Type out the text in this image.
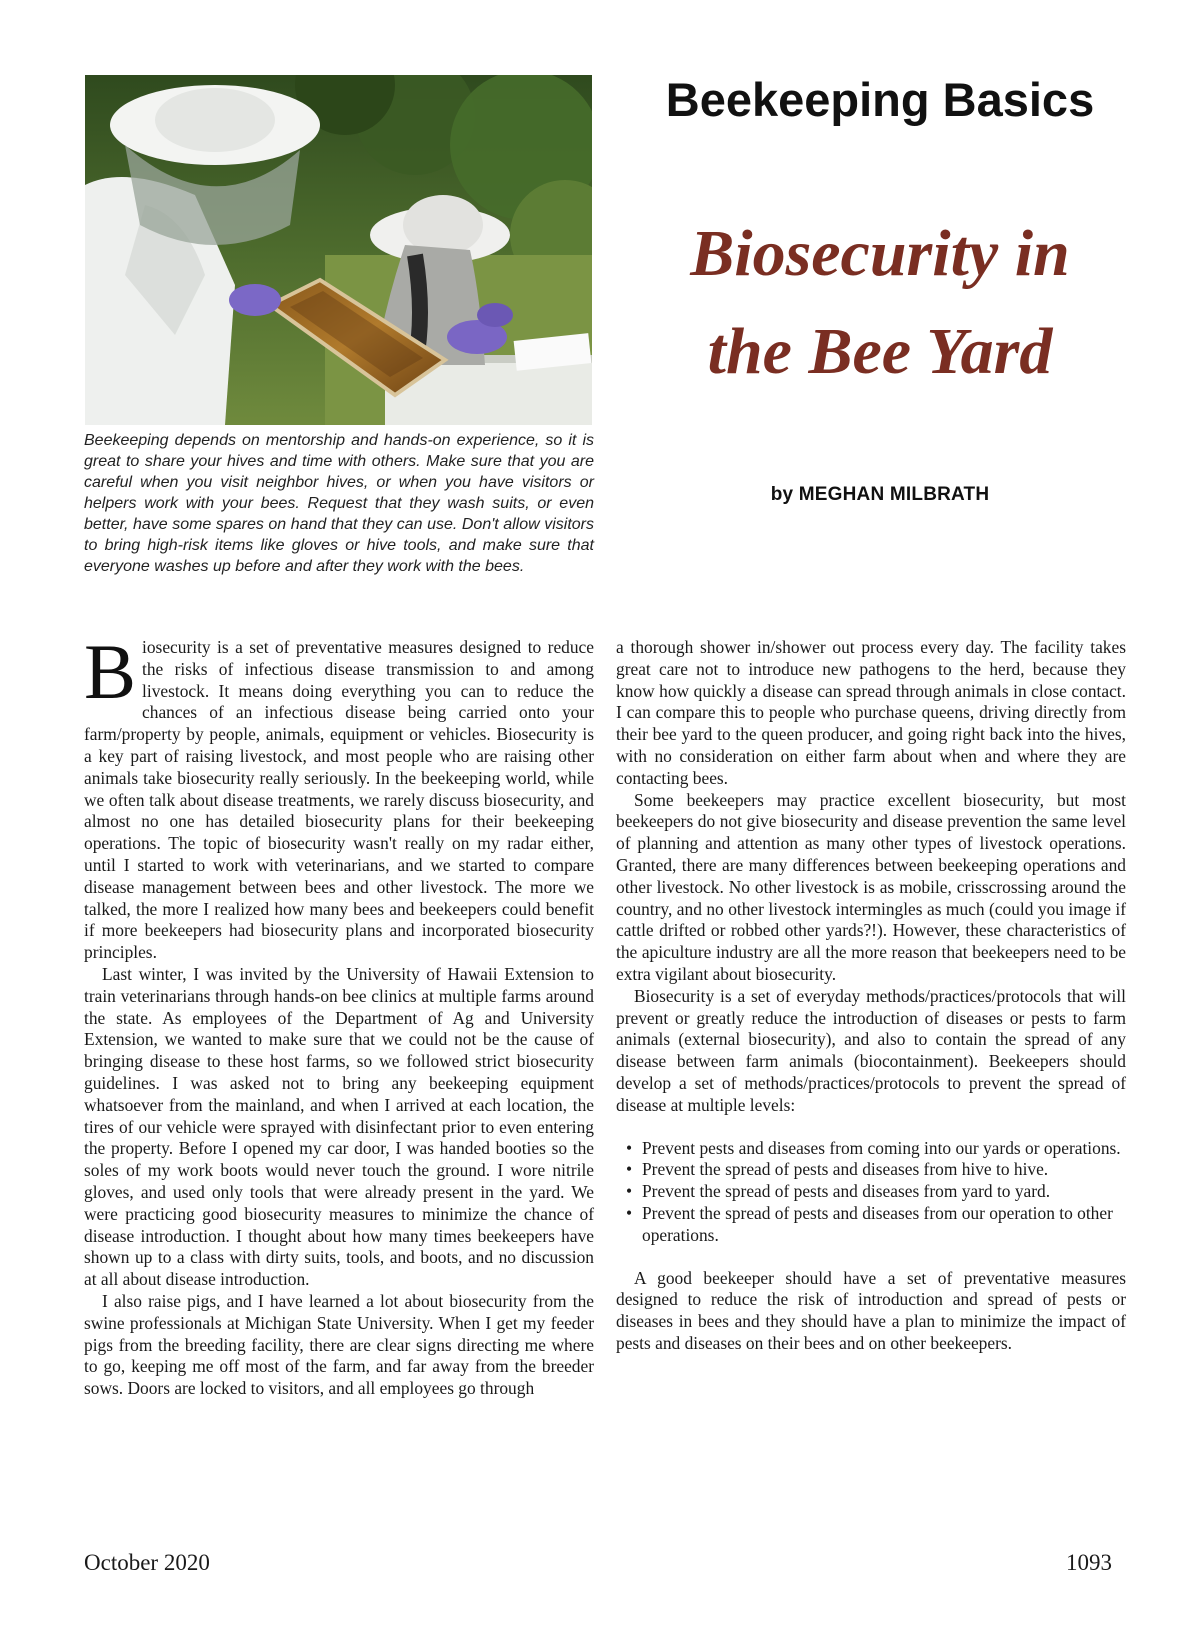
Beekeeping depends on mentorship and hands-on experience, so it is great to share your hives and time with others. Make sure that you are careful when you visit neighbor hives, or when you have visitors or helpers work with your bees. Request that they wash suits, or even better, have some spares on hand that they can use. Don't allow visitors to bring high-risk items like gloves or hive tools, and make sure that everyone washes up before and after they work with the bees.
Beekeeping Basics
Biosecurity in
the Bee Yard
by MEGHAN MILBRATH

Biosecurity is a set of preventative measures designed to reduce the risks of infectious disease transmission to and among livestock. It means doing everything you can to reduce the chances of an infectious disease being carried onto your farm/property by people, animals, equipment or vehicles. Biosecurity is a key part of raising livestock, and most people who are raising other animals take biosecurity really seriously. In the beekeeping world, while we often talk about disease treatments, we rarely discuss biosecurity, and almost no one has detailed biosecurity plans for their beekeeping operations. The topic of biosecurity wasn't really on my radar either, until I started to work with veterinarians, and we started to compare disease management between bees and other livestock. The more we talked, the more I realized how many bees and beekeepers could benefit if more beekeepers had biosecurity plans and incorporated biosecurity principles.

Last winter, I was invited by the University of Hawaii Extension to train veterinarians through hands-on bee clinics at multiple farms around the state. As employees of the Department of Ag and University Extension, we wanted to make sure that we could not be the cause of bringing disease to these host farms, so we followed strict biosecurity guidelines. I was asked not to bring any beekeeping equipment whatsoever from the mainland, and when I arrived at each location, the tires of our vehicle were sprayed with disinfectant prior to even entering the property. Before I opened my car door, I was handed booties so the soles of my work boots would never touch the ground. I wore nitrile gloves, and used only tools that were already present in the yard. We were practicing good biosecurity measures to minimize the chance of disease introduction. I thought about how many times beekeepers have shown up to a class with dirty suits, tools, and boots, and no discussion at all about disease introduction.

I also raise pigs, and I have learned a lot about biosecurity from the swine professionals at Michigan State University. When I get my feeder pigs from the breeding facility, there are clear signs directing me where to go, keeping me off most of the farm, and far away from the breeder sows. Doors are locked to visitors, and all employees go through

a thorough shower in/shower out process every day. The facility takes great care not to introduce new pathogens to the herd, because they know how quickly a disease can spread through animals in close contact. I can compare this to people who purchase queens, driving directly from their bee yard to the queen producer, and going right back into the hives, with no consideration on either farm about when and where they are contacting bees.

Some beekeepers may practice excellent biosecurity, but most beekeepers do not give biosecurity and disease prevention the same level of planning and attention as many other types of livestock operations. Granted, there are many differences between beekeeping operations and other livestock. No other livestock is as mobile, crisscrossing around the country, and no other livestock intermingles as much (could you image if cattle drifted or robbed other yards?!). However, these characteristics of the apiculture industry are all the more reason that beekeepers need to be extra vigilant about biosecurity.

Biosecurity is a set of everyday methods/practices/protocols that will prevent or greatly reduce the introduction of diseases or pests to farm animals (external biosecurity), and also to contain the spread of any disease between farm animals (biocontainment). Beekeepers should develop a set of methods/practices/protocols to prevent the spread of disease at multiple levels:

• Prevent pests and diseases from coming into our yards or operations.
• Prevent the spread of pests and diseases from hive to hive.
• Prevent the spread of pests and diseases from yard to yard.
• Prevent the spread of pests and diseases from our operation to other operations.

A good beekeeper should have a set of preventative measures designed to reduce the risk of introduction and spread of pests or diseases in bees and they should have a plan to minimize the impact of pests and diseases on their bees and on other beekeepers.

October 2020	1093
